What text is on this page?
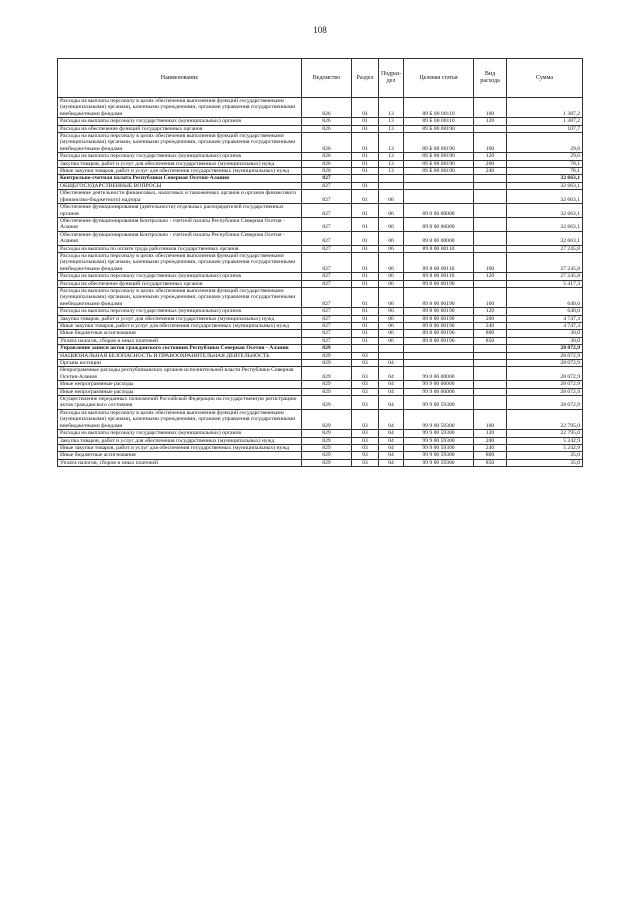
108
Наименование	Ведомство	Раздел	Подраз-
дел	Целевая статья	Вид
расхода	Сумма
Расходы на выплаты персоналу в целях обеспечения выполнения функций государственными (муниципальными) органами, казенными учреждениями, органами управления государственными внебюджетными фондами	826	01	13	89 Б 00 00110	100	1 387,2
Расходы на выплаты персоналу государственных (муниципальных) органов	826	01	13	89 Б 00 00110	120	1 387,2
Расходы на обеспечение функций государственных органов	826	01	13	89 Б 00 00190		107,7
Расходы на выплаты персоналу в целях обеспечения выполнения функций государственными (муниципальными) органами, казенными учреждениями, органами управления государственными внебюджетными фондами	826	01	13	89 Б 00 00190	100	29,6
Расходы на выплаты персоналу государственных (муниципальных) органов	826	01	13	89 Б 00 00190	120	29,6
Закупка товаров, работ и услуг для обеспечения государственных (муниципальных) нужд	826	01	13	89 Б 00 00190	200	78,1
Иные закупки товаров, работ и услуг для обеспечения государственных (муниципальных) нужд	826	01	13	89 Б 00 00190	240	78,1
Контрольно-счетная палата Республики Северная Осетия-Алания	827					32 663,1
ОБЩЕГОСУДАРСТВЕННЫЕ ВОПРОСЫ	827	01				32 663,1
Обеспечение деятельности финансовых, налоговых и таможенных органов и органов финансового (финансово-бюджетного) надзора	827	01	06			32 663,1
Обеспечение функционирования (деятельности) отдельных распорядителей государственных органов	827	01	06	89 0 00 00000		32 663,1
Обеспечение функционирования Контрольно - счетной палаты Республики Северная Осетия - Алания	827	01	06	89 8 00 00000		32 663,1
Обеспечение функционирования Контрольно - счетной палаты Республики Северная Осетия - Алания	827	01	06	89 8 00 00000		32 663,1
Расходы на выплаты по оплате труда работников государственных органов	827	01	06	89 8 00 00110		27 245,8
Расходы на выплаты персоналу в целях обеспечения выполнения функций государственными (муниципальными) органами, казенными учреждениями, органами управления государственными внебюджетными фондами	827	01	06	89 8 00 00110	100	27 245,8
Расходы на выплаты персоналу государственных (муниципальных) органов	827	01	06	89 8 00 00110	120	27 245,8
Расходы на обеспечение функций государственных органов	827	01	06	89 8 00 00190		5 417,3
Расходы на выплаты персоналу в целях обеспечения выполнения функций государственными (муниципальными) органами, казенными учреждениями, органами управления государственными внебюджетными фондами	827	01	06	89 8 00 00190	100	640,0
Расходы на выплаты персоналу государственных (муниципальных) органов	827	01	06	89 8 00 00190	120	640,0
Закупка товаров, работ и услуг для обеспечения государственных (муниципальных) нужд	827	01	06	89 8 00 00190	200	4 747,3
Иные закупки товаров, работ и услуг для обеспечения государственных (муниципальных) нужд	827	01	06	89 8 00 00190	240	4 747,3
Иные бюджетные ассигнования	827	01	06	89 8 00 00190	800	30,0
Уплата налогов, сборов и иных платежей	827	01	06	89 8 00 00190	850	30,0
Управление записи актов гражданского состояния Республики Северная Осетия - Алания	829					28 072,9
НАЦИОНАЛЬНАЯ БЕЗОПАСНОСТЬ И ПРАВООХРАНИТЕЛЬНАЯ ДЕЯТЕЛЬНОСТЬ	829	03				28 072,9
Органы юстиции	829	03	04			28 072,9
Непрограммные расходы республиканских органов исполнительной власти Республики Северная Осетия-Алания	829	03	04	99 0 00 00000		28 072,9
Иные непрограммные расходы	829	03	04	99 9 00 00000		28 072,9
Иные непрограммные расходы	829	03	04	99 9 00 00000		28 072,9
Осуществление переданных полномочий Российской Федерации на государственную регистрацию актов гражданского состояния	829	03	04	99 9 00 59300		28 072,9
Расходы на выплаты персоналу в целях обеспечения выполнения функций государственными (муниципальными) органами, казенными учреждениями, органами управления государственными внебюджетными фондами	829	03	04	99 9 00 59300	100	22 795,0
Расходы на выплаты персоналу государственных (муниципальных) органов	829	03	04	99 9 00 59300	120	22 795,0
Закупка товаров, работ и услуг для обеспечения государственных (муниципальных) нужд	829	03	04	99 9 00 59300	200	5 242,9
Иные закупки товаров, работ и услуг для обеспечения государственных (муниципальных) нужд	829	03	04	99 9 00 59300	240	5 242,9
Иные бюджетные ассигнования	829	03	04	99 9 00 59300	800	35,0
Уплата налогов, сборов и иных платежей	829	03	04	99 9 00 59300	850	35,0
